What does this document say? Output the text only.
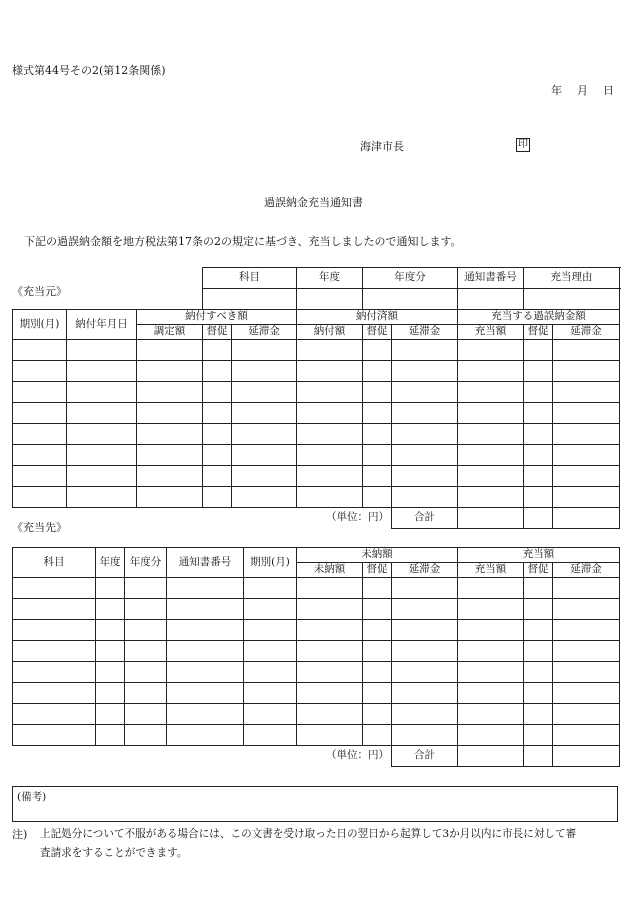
様式第44号その2(第12条関係)
年　月　日
海津市長	印
過誤納金充当通知書
下記の過誤納金額を地方税法第17条の2の規定に基づき、充当しましたので通知します。
《充当元》
			科目		年度	年度分		通知書番号	充当理由	

期別(月)	納付年月日	納付すべき額			納付済額			充当する過誤納金額		
		調定額	督促	延滞金	納付額	督促	延滞金	充当額	督促	延滞金

					（単位：円）		合計			
《充当先》
科目	年度	年度分	通知書番号	期別(月)	未納額			充当額		
					未納額	督促	延滞金	充当額	督促	延滞金

					（単位：円）		合計			
(備考)
注) 上記処分について不服がある場合には、この文書を受け取った日の翌日から起算して3か月以内に市長に対して審
査請求をすることができます。
